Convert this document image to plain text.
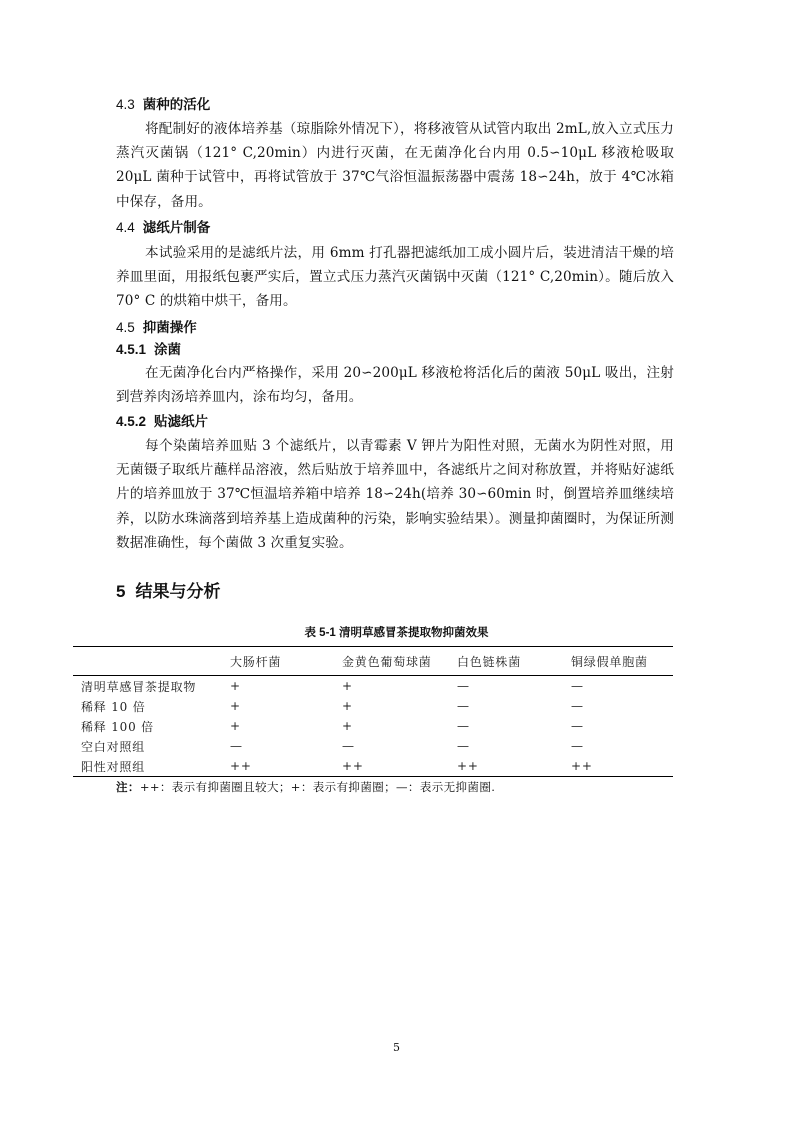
4.3 菌种的活化

将配制好的液体培养基（琼脂除外情况下），将移液管从试管内取出 2mL,放入立式压力蒸汽灭菌锅（121° C,20min）内进行灭菌，在无菌净化台内用 0.5∽10μL 移液枪吸取 20μL 菌种于试管中，再将试管放于 37℃气浴恒温振荡器中震荡 18∽24h，放于 4℃冰箱中保存，备用。

4.4 滤纸片制备

本试验采用的是滤纸片法，用 6mm 打孔器把滤纸加工成小圆片后，装进清洁干燥的培养皿里面，用报纸包裹严实后，置立式压力蒸汽灭菌锅中灭菌（121° C,20min）。随后放入 70° C 的烘箱中烘干，备用。

4.5 抑菌操作
4.5.1 涂菌

在无菌净化台内严格操作，采用 20∽200μL 移液枪将活化后的菌液 50μL 吸出，注射到营养肉汤培养皿内，涂布均匀，备用。

4.5.2 贴滤纸片

每个染菌培养皿贴 3 个滤纸片，以青霉素 V 钾片为阳性对照，无菌水为阴性对照，用无菌镊子取纸片蘸样品溶液，然后贴放于培养皿中，各滤纸片之间对称放置，并将贴好滤纸片的培养皿放于 37℃恒温培养箱中培养 18∽24h(培养 30∽60min 时，倒置培养皿继续培养，以防水珠滴落到培养基上造成菌种的污染，影响实验结果）。测量抑菌圈时，为保证所测数据准确性，每个菌做 3 次重复实验。

5 结果与分析
表 5-1 清明草感冒茶提取物抑菌效果
	大肠杆菌	金黄色葡萄球菌	白色链株菌	铜绿假单胞菌
清明草感冒茶提取物	+	+	—	—
稀释 10 倍	+	+	—	—
稀释 100 倍	+	+	—	—
空白对照组	—	—	—	—
阳性对照组	++	++	++	++
注：++：表示有抑菌圈且较大；+：表示有抑菌圈；—：表示无抑菌圈.
5
